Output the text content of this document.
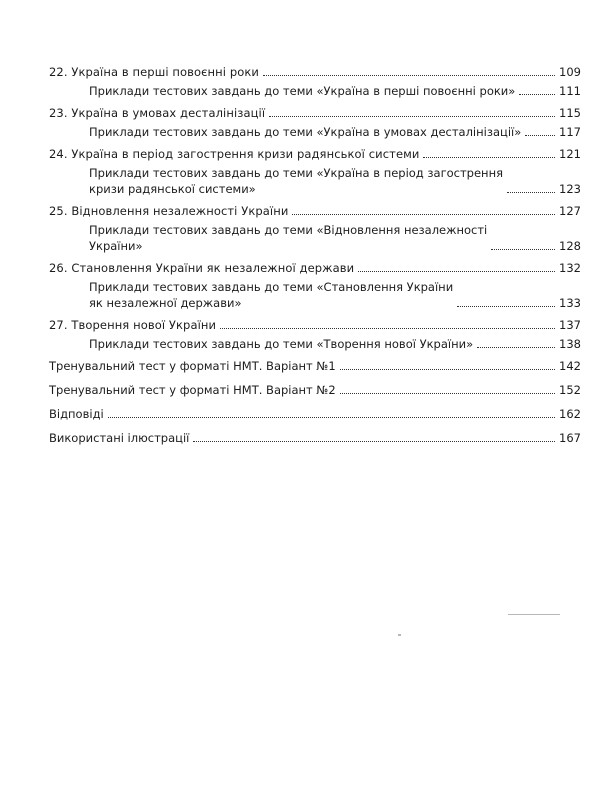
22. Україна в перші повоєнні роки	109
Приклади тестових завдань до теми «Україна в перші повоєнні роки»	111
23. Україна в умовах десталінізації	115
Приклади тестових завдань до теми «Україна в умовах десталінізації»	117
24. Україна в період загострення кризи радянської системи	121
Приклади тестових завдань до теми «Україна в період загострення
кризи радянської системи»	123
25. Відновлення незалежності України	127
Приклади тестових завдань до теми «Відновлення незалежності
України»	128
26. Становлення України як незалежної держави	132
Приклади тестових завдань до теми «Становлення України
як незалежної держави»	133
27. Творення нової України	137
Приклади тестових завдань до теми «Творення нової України»	138
Тренувальний тест у форматі НМТ. Варіант №1	142
Тренувальний тест у форматі НМТ. Варіант №2	152
Відповіді	162
Використані ілюстрації	167
